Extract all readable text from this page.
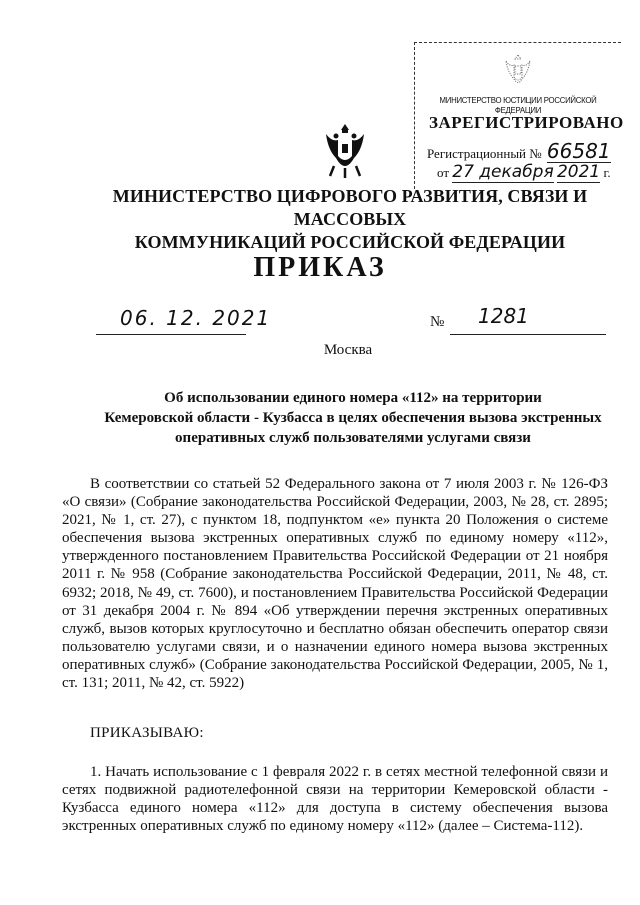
МИНИСТЕРСТВО ЮСТИЦИИ РОССИЙСКОЙ ФЕДЕРАЦИИ
ЗАРЕГИСТРИРОВАНО
Регистрационный № 66581
от 27 декабря 2021 г.
МИНИСТЕРСТВО ЦИФРОВОГО РАЗВИТИЯ, СВЯЗИ И МАССОВЫХ
КОММУНИКАЦИЙ РОССИЙСКОЙ ФЕДЕРАЦИИ
ПРИКАЗ
06. 12. 2021	№ 1281
Москва
Об использовании единого номера «112» на территории
Кемеровской области - Кузбасса в целях обеспечения вызова экстренных
оперативных служб пользователями услугами связи
В соответствии со статьей 52 Федерального закона от 7 июля 2003 г. № 126-ФЗ «О связи» (Собрание законодательства Российской Федерации, 2003, № 28, ст. 2895; 2021, № 1, ст. 27), с пунктом 18, подпунктом «е» пункта 20 Положения о системе обеспечения вызова экстренных оперативных служб по единому номеру «112», утвержденного постановлением Правительства Российской Федерации от 21 ноября 2011 г. № 958 (Собрание законодательства Российской Федерации, 2011, № 48, ст. 6932; 2018, № 49, ст. 7600), и постановлением Правительства Российской Федерации от 31 декабря 2004 г. № 894 «Об утверждении перечня экстренных оперативных служб, вызов которых круглосуточно и бесплатно обязан обеспечить оператор связи пользователю услугами связи, и о назначении единого номера вызова экстренных оперативных служб» (Собрание законодательства Российской Федерации, 2005, № 1, ст. 131; 2011, № 42, ст. 5922)
ПРИКАЗЫВАЮ:
1. Начать использование с 1 февраля 2022 г. в сетях местной телефонной связи и сетях подвижной радиотелефонной связи на территории Кемеровской области - Кузбасса единого номера «112» для доступа в систему обеспечения вызова экстренных оперативных служб по единому номеру «112» (далее – Система-112).
